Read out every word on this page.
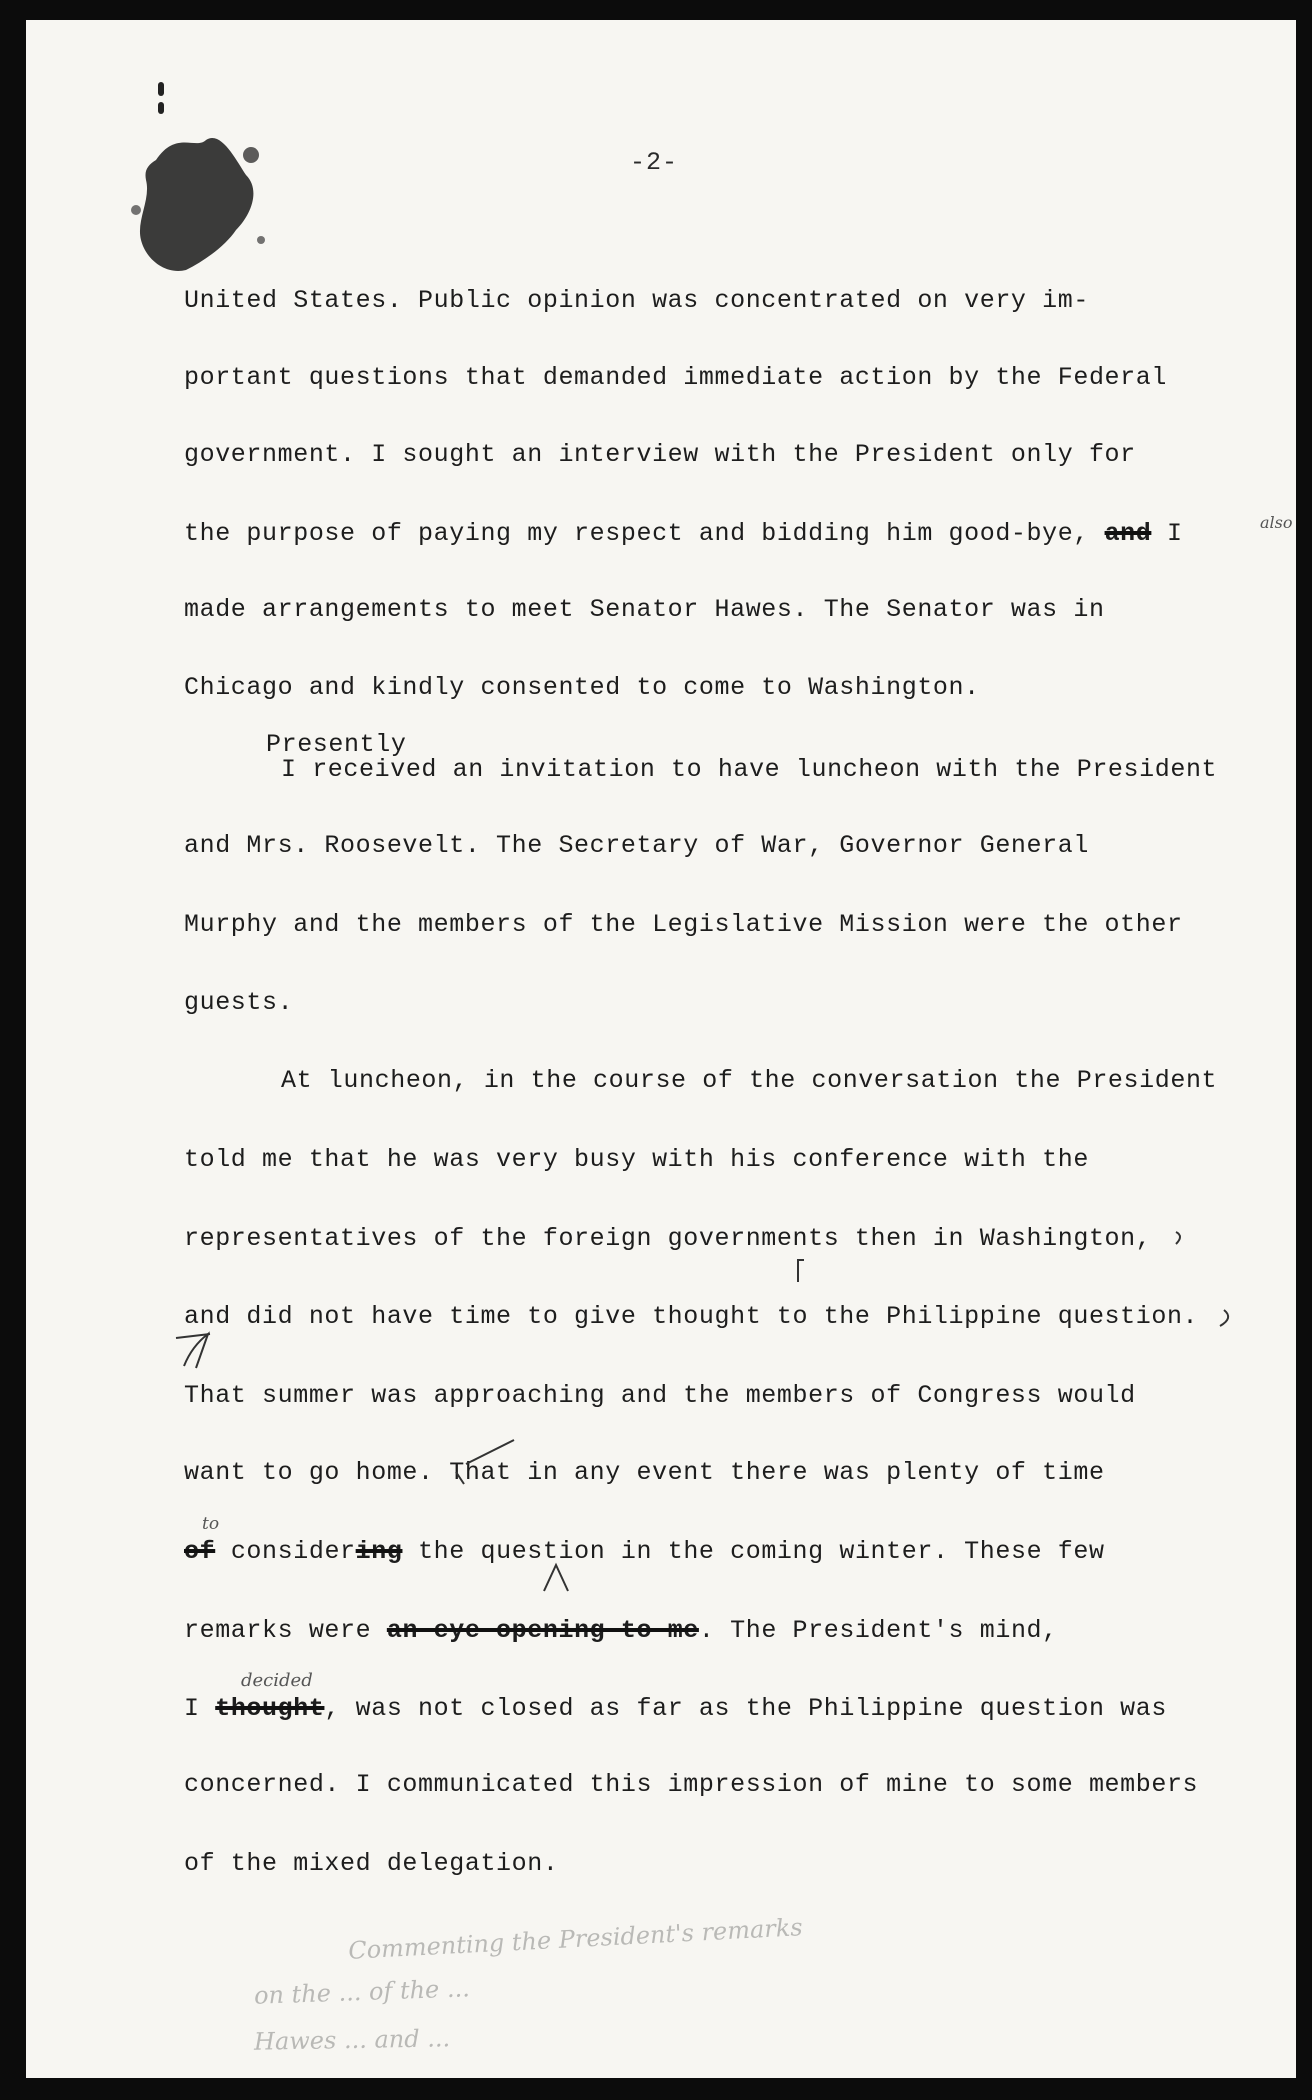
-2-
United States. Public opinion was concentrated on very im-
portant questions that demanded immediate action by the Federal
government. I sought an interview with the President only for
the purpose of paying my respect and bidding him good-bye, and I
made arrangements to meet Senator Hawes. The Senator was in
Chicago and kindly consented to come to Washington.
Presently
I received an invitation to have luncheon with the President
and Mrs. Roosevelt. The Secretary of War, Governor General
Murphy and the members of the Legislative Mission were the other
guests.
At luncheon, in the course of the conversation the President
told me that he was very busy with his conference with the
representatives of the foreign governments then in Washington,
and did not have time to give thought to the Philippine question.
That summer was approaching and the members of Congress would
want to go home. That in any event there was plenty of time
of considering the question in the coming winter. These few
remarks were an eye opening to me. The President's mind,
I thought, was not closed as far as the Philippine question was
concerned. I communicated this impression of mine to some members
of the mixed delegation.
also
to
decided
Commenting the President's remarks
on the ... of the ...
Hawes ... and ...
